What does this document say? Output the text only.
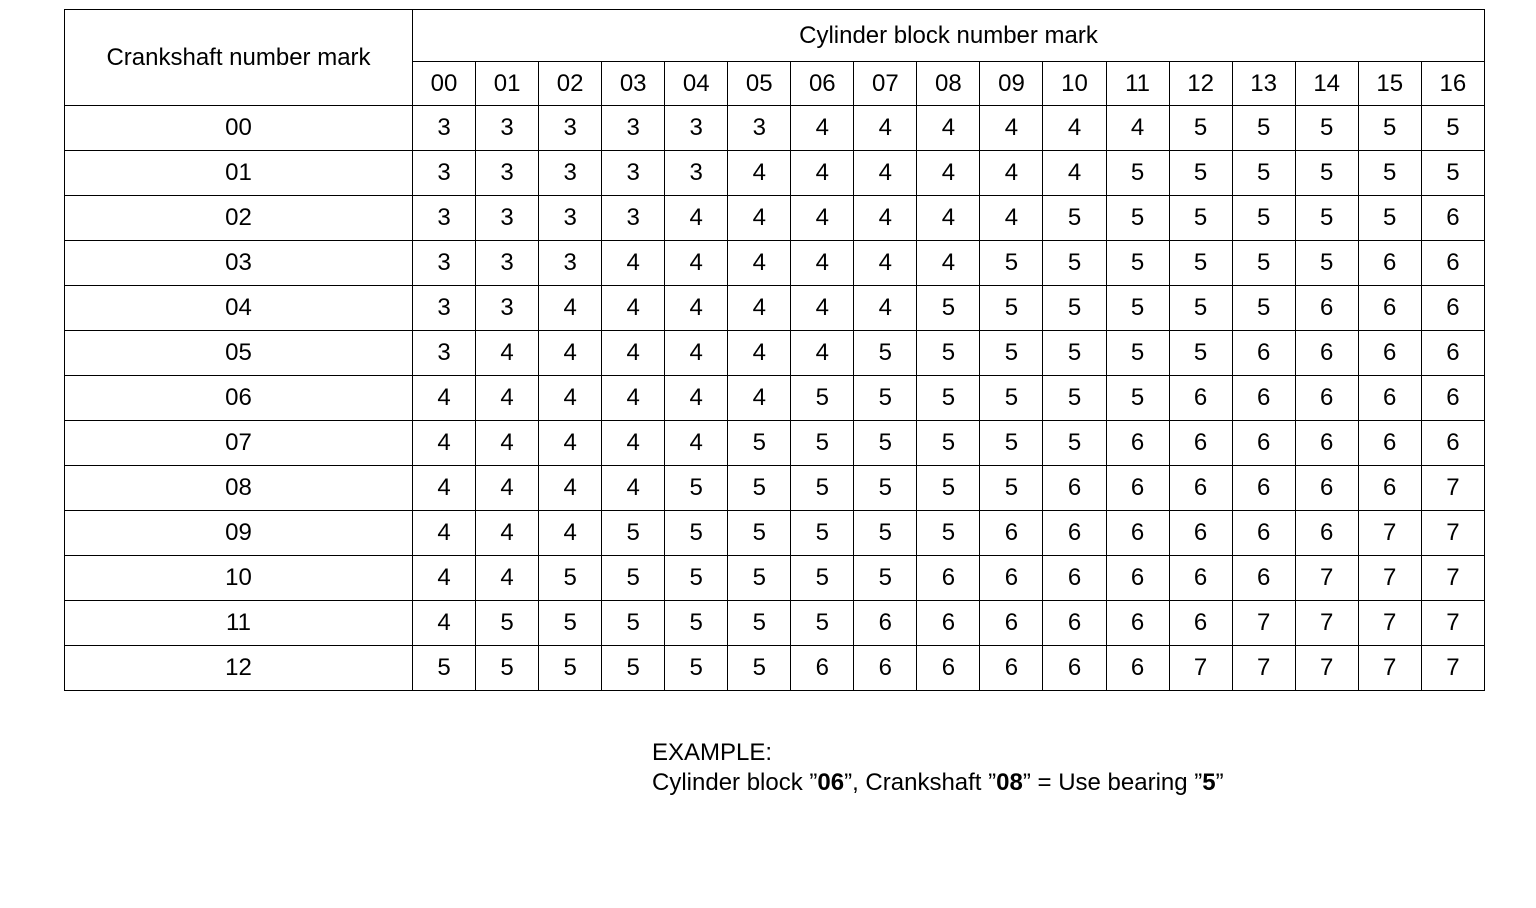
Crankshaft number mark	Cylinder block number mark																
	00	01	02	03	04	05	06	07	08	09	10	11	12	13	14	15	16
00	3	3	3	3	3	3	4	4	4	4	4	4	5	5	5	5	5
01	3	3	3	3	3	4	4	4	4	4	4	5	5	5	5	5	5
02	3	3	3	3	4	4	4	4	4	4	5	5	5	5	5	5	6
03	3	3	3	4	4	4	4	4	4	5	5	5	5	5	5	6	6
04	3	3	4	4	4	4	4	4	5	5	5	5	5	5	6	6	6
05	3	4	4	4	4	4	4	5	5	5	5	5	5	6	6	6	6
06	4	4	4	4	4	4	5	5	5	5	5	5	6	6	6	6	6
07	4	4	4	4	4	5	5	5	5	5	5	6	6	6	6	6	6
08	4	4	4	4	5	5	5	5	5	5	6	6	6	6	6	6	7
09	4	4	4	5	5	5	5	5	5	6	6	6	6	6	6	7	7
10	4	4	5	5	5	5	5	5	6	6	6	6	6	6	7	7	7
11	4	5	5	5	5	5	5	6	6	6	6	6	6	7	7	7	7
12	5	5	5	5	5	5	6	6	6	6	6	6	7	7	7	7	7
EXAMPLE:
Cylinder block ”06”, Crankshaft ”08” = Use bearing ”5”
